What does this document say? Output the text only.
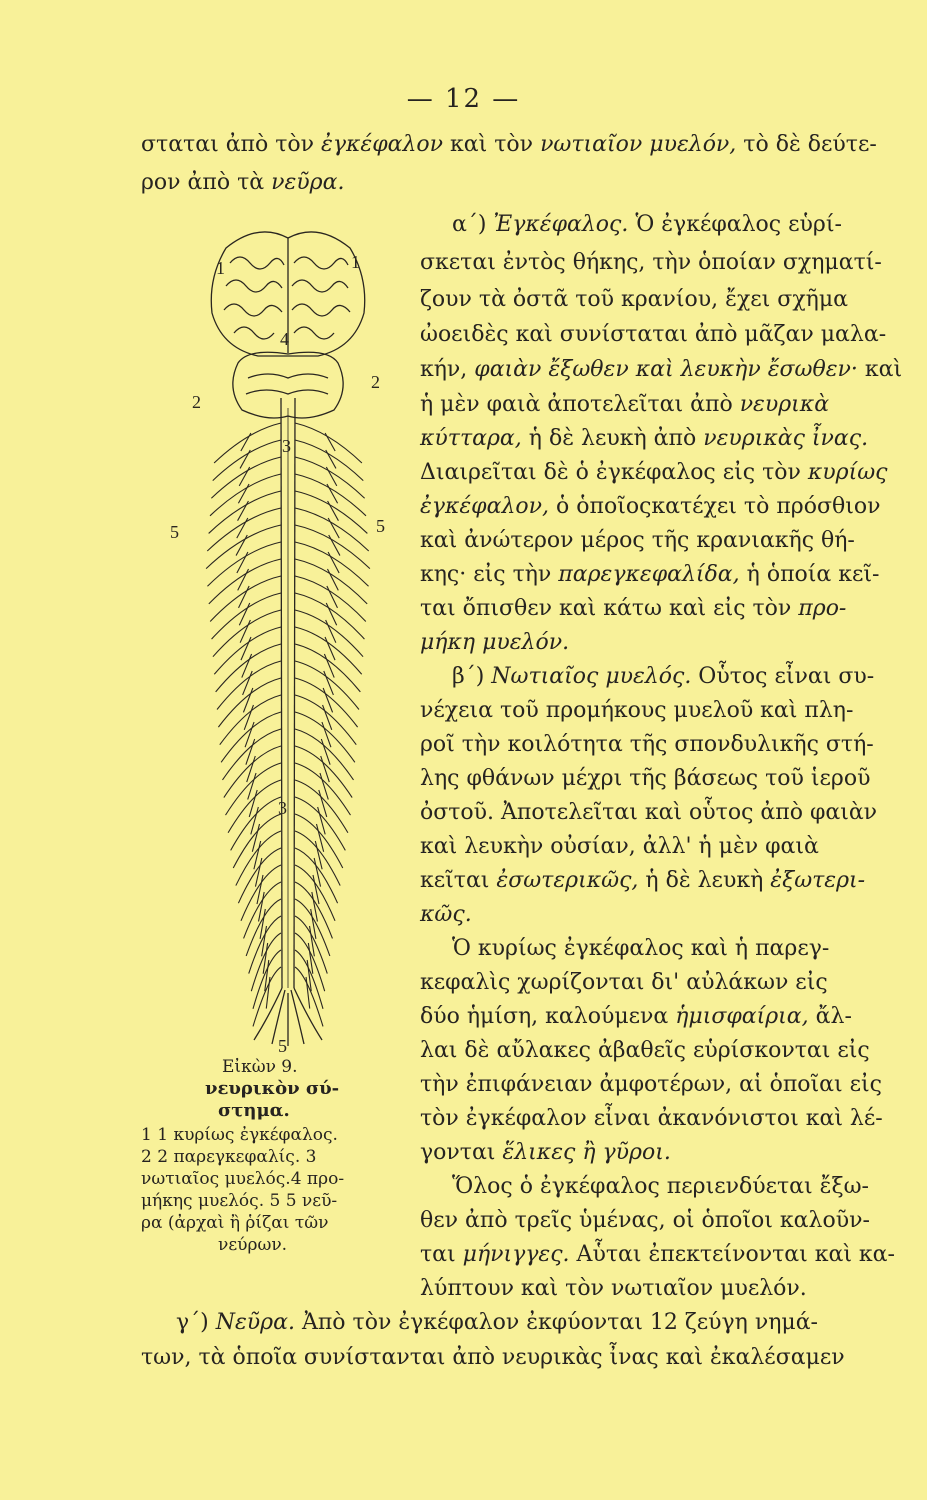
— 12 —
σταται ἀπὸ τὸν ἐγκέφαλον καὶ τὸν νωτιαῖον μυελόν, τὸ δὲ δεύτε-
ρον ἀπὸ τὰ νεῦρα.
α΄) Ἐγκέφαλος. Ὁ ἐγκέφαλος εὑρί-
σκεται ἐντὸς θήκης, τὴν ὁποίαν σχηματί-
ζουν τὰ ὀστᾶ τοῦ κρανίου, ἔχει σχῆμα
ὠοειδὲς καὶ συνίσταται ἀπὸ μᾶζαν μαλα-
κήν, φαιὰν ἔξωθεν καὶ λευκὴν ἔσωθεν· καὶ
ἡ μὲν φαιὰ ἀποτελεῖται ἀπὸ νευρικὰ
κύτταρα, ἡ δὲ λευκὴ ἀπὸ νευρικὰς ἶνας.
Διαιρεῖται δὲ ὁ ἐγκέφαλος εἰς τὸν κυρίως
ἐγκέφαλον, ὁ ὁποῖοςκατέχει τὸ πρόσθιον
καὶ ἀνώτερον μέρος τῆς κρανιακῆς θή-
κης· εἰς τὴν παρεγκεφαλίδα, ἡ ὁποία κεῖ-
ται ὄπισθεν καὶ κάτω καὶ εἰς τὸν προ-
μήκη μυελόν.
β΄) Νωτιαῖος μυελός. Οὗτος εἶναι συ-
νέχεια τοῦ προμήκους μυελοῦ καὶ πλη-
ροῖ τὴν κοιλότητα τῆς σπονδυλικῆς στή-
λης φθάνων μέχρι τῆς βάσεως τοῦ ἱεροῦ
ὀστοῦ. Ἀποτελεῖται καὶ οὗτος ἀπὸ φαιὰν
καὶ λευκὴν οὐσίαν, ἀλλ' ἡ μὲν φαιὰ
κεῖται ἐσωτερικῶς, ἡ δὲ λευκὴ ἐξωτερι-
κῶς.
Ὁ κυρίως ἐγκέφαλος καὶ ἡ παρεγ-
κεφαλὶς χωρίζονται δι' αὐλάκων εἰς
δύο ἡμίση, καλούμενα ἡμισφαίρια, ἄλ-
λαι δὲ αὔλακες ἀβαθεῖς εὑρίσκονται εἰς
τὴν ἐπιφάνειαν ἀμφοτέρων, αἱ ὁποῖαι εἰς
τὸν ἐγκέφαλον εἶναι ἀκανόνιστοι καὶ λέ-
γονται ἕλικες ἢ γῦροι.
Ὅλος ὁ ἐγκέφαλος περιενδύεται ἔξω-
θεν ἀπὸ τρεῖς ὑμένας, οἱ ὁποῖοι καλοῦν-
ται μήνιγγες. Αὗται ἐπεκτείνονται καὶ κα-
λύπτουν καὶ τὸν νωτιαῖον μυελόν.
γ΄) Νεῦρα. Ἀπὸ τὸν ἐγκέφαλον ἐκφύονται 12 ζεύγη νημά-
των, τὰ ὁποῖα συνίστανται ἀπὸ νευρικὰς ἶνας καὶ ἐκαλέσαμεν
1	1
2
2
3
3
4
5	5
5
Εἰκὼν 9.
νευρικὸν σύ-
στημα.
1 1 κυρίως ἐγκέφαλος.
2 2 παρεγκεφαλίς. 3
νωτιαῖος μυελός.4 προ-
μήκης μυελός. 5 5 νεῦ-
ρα (ἀρχαὶ ἢ ῥίζαι τῶν
νεύρων.
